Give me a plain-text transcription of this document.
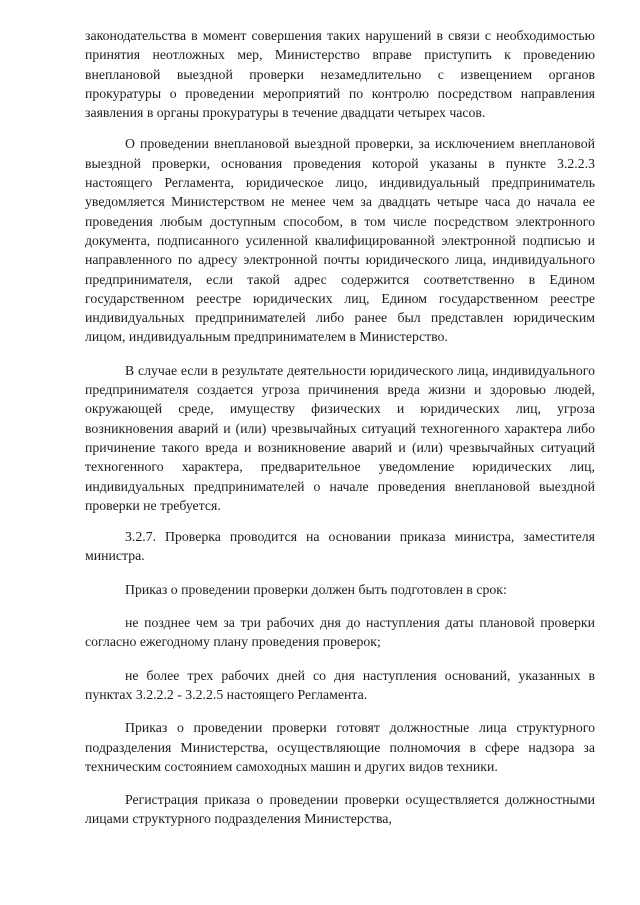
законодательства в момент совершения таких нарушений в связи с необходимостью принятия неотложных мер, Министерство вправе приступить к проведению внеплановой выездной проверки незамедлительно с извещением органов прокуратуры о проведении мероприятий по контролю посредством направления заявления в органы прокуратуры в течение двадцати четырех часов.

О проведении внеплановой выездной проверки, за исключением внеплановой выездной проверки, основания проведения которой указаны в пункте 3.2.2.3 настоящего Регламента, юридическое лицо, индивидуальный предприниматель уведомляется Министерством не менее чем за двадцать четыре часа до начала ее проведения любым доступным способом, в том числе посредством электронного документа, подписанного усиленной квалифицированной электронной подписью и направленного по адресу электронной почты юридического лица, индивидуального предпринимателя, если такой адрес содержится соответственно в Едином государственном реестре юридических лиц, Едином государственном реестре индивидуальных предпринимателей либо ранее был представлен юридическим лицом, индивидуальным предпринимателем в Министерство.

В случае если в результате деятельности юридического лица, индивидуального предпринимателя создается угроза причинения вреда жизни и здоровью людей, окружающей среде, имуществу физических и юридических лиц, угроза возникновения аварий и (или) чрезвычайных ситуаций техногенного характера либо причинение такого вреда и возникновение аварий и (или) чрезвычайных ситуаций техногенного характера, предварительное уведомление юридических лиц, индивидуальных предпринимателей о начале проведения внеплановой выездной проверки не требуется.

3.2.7. Проверка проводится на основании приказа министра, заместителя министра.

Приказ о проведении проверки должен быть подготовлен в срок:

не позднее чем за три рабочих дня до наступления даты плановой проверки согласно ежегодному плану проведения проверок;

не более трех рабочих дней со дня наступления оснований, указанных в пунктах 3.2.2.2 - 3.2.2.5 настоящего Регламента.

Приказ о проведении проверки готовят должностные лица структурного подразделения Министерства, осуществляющие полномочия в сфере надзора за техническим состоянием самоходных машин и других видов техники.

Регистрация приказа о проведении проверки осуществляется должностными лицами структурного подразделения Министерства,
